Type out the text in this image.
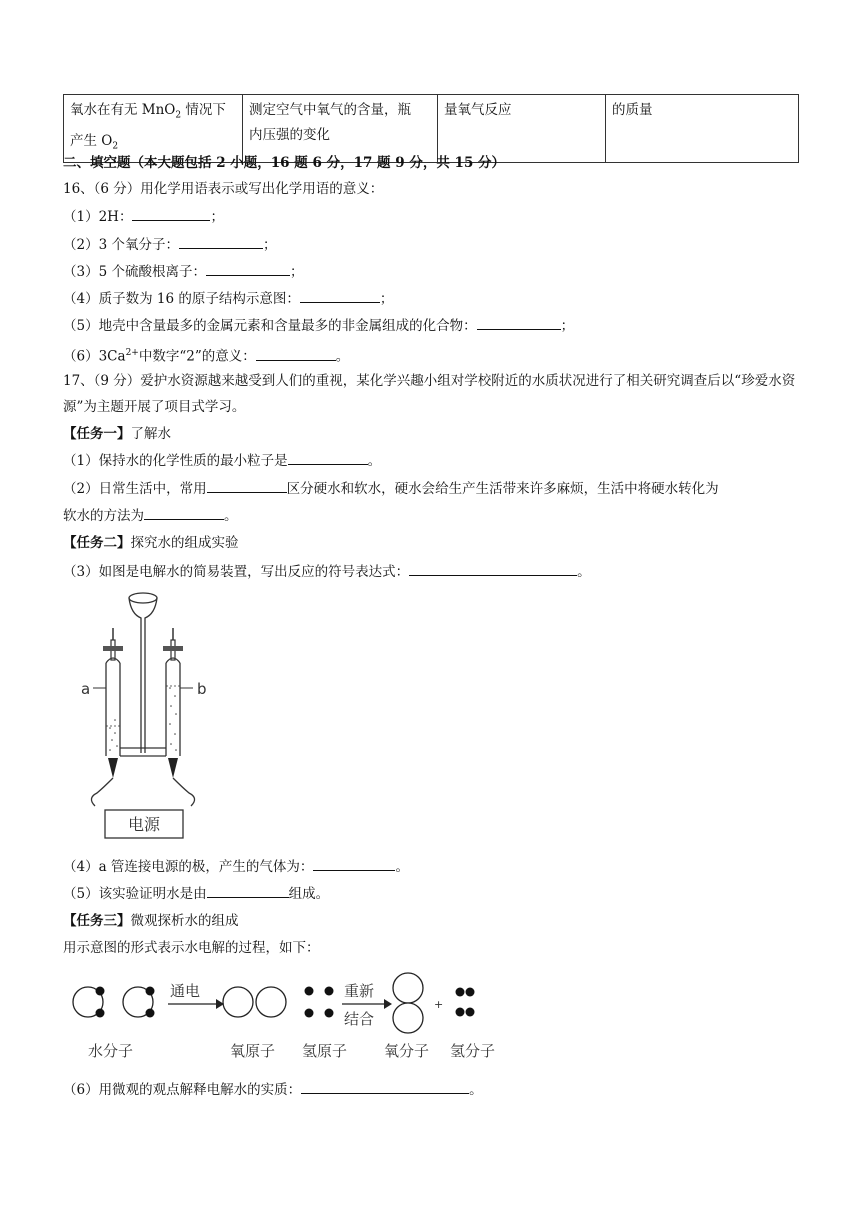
氧水在有无 MnO$_2$ 情况下
产生 $O_2$	测定空气中氧气的含量，瓶
内压强的变化	量氧气反应	的质量
二、填空题（本大题包括 2 小题，16 题 6 分，17 题 9 分，共 15 分）
16、（6 分）用化学用语表示或写出化学用语的意义：
（1）2H：	；
（2）3 个氧分子：	；
（3）5 个硫酸根离子：	；
（4）质子数为 16 的原子结构示意图：	；
（5）地壳中含量最多的金属元素和含量最多的非金属组成的化合物：	；
$(6)3Ca^{2+}$中数字“2”的意义：	。
17、（9 分）爱护水资源越来越受到人们的重视，某化学兴趣小组对学校附近的水质状况进行了相关研究调查后以“珍爱水资源”为主题开展了项目式学习。
【任务一】了解水
（1）保持水的化学性质的最小粒子是	。
（2）日常生活中，常用	区分硬水和软水，硬水会给生产生活带来许多麻烦，生活中将硬水转化为
软水的方法为	。
【任务二】探究水的组成实验
（3）如图是电解水的简易装置，写出反应的符号表达式：	。
a	b
电源
（4）a 管连接电源的极，产生的气体为：	。
（5）该实验证明水是由	组成。
【任务三】微观探析水的组成
用示意图的形式表示水电解的过程，如下：
通电	重新
结合
+
水分子	氧原子 氢原子 氧分子 氢分子
（6）用微观的观点解释电解水的实质：	。
